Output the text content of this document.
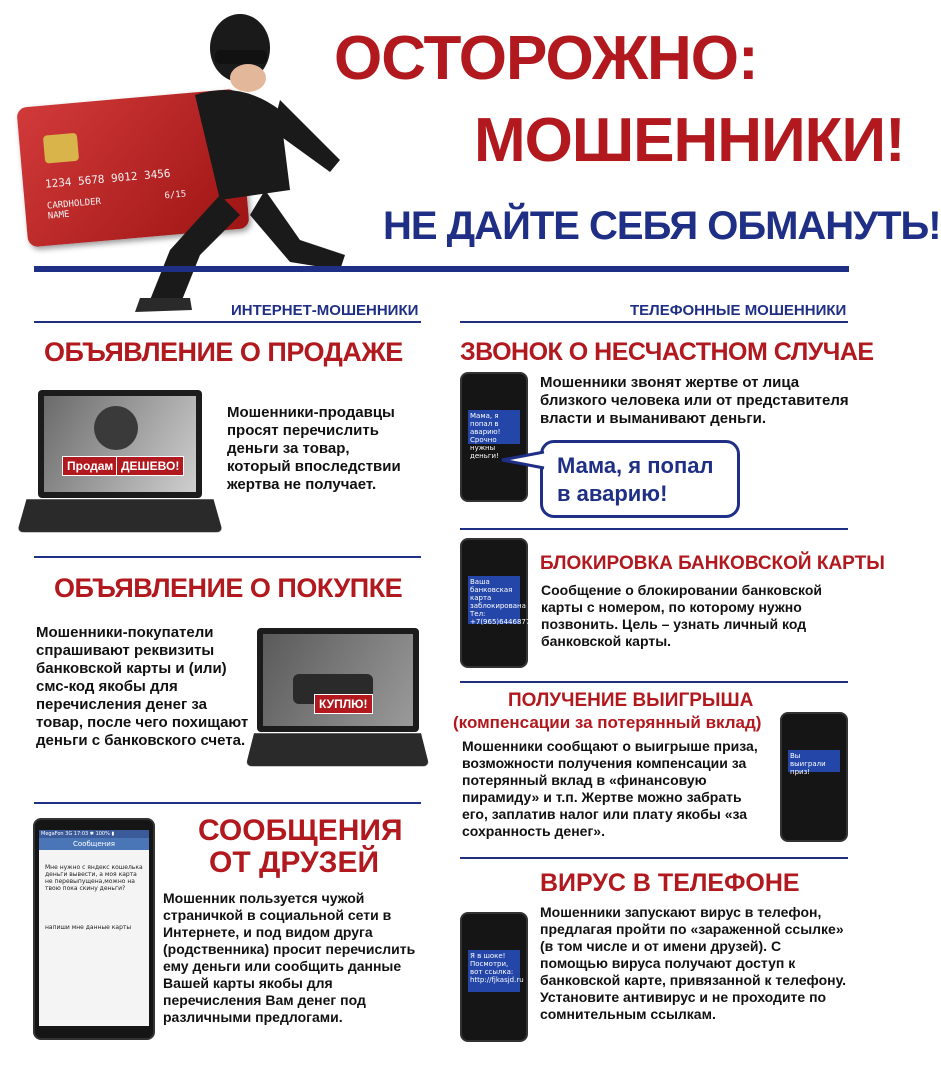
1234 5678 9012 3456
CARDHOLDER NAME
6/15
ОСТОРОЖНО:
МОШЕННИКИ!
НЕ ДАЙТЕ СЕБЯ ОБМАНУТЬ!
ИНТЕРНЕТ-МОШЕННИКИ
ОБЪЯВЛЕНИЕ О ПРОДАЖЕ
Продам ДЕШЕВО!
Мошенники-продавцы просят перечислить деньги за товар, который впоследствии жертва не получает.
ОБЪЯВЛЕНИЕ О ПОКУПКЕ
Мошенники-покупатели спрашивают реквизиты банковской карты и (или) смс-код якобы для перечисления денег за товар, после чего похищают деньги с банковского счета.
КУПЛЮ!
MegaFon 3G 17:03 ✱ 100% ▮
Сообщения
Мне нужно с яндекс кошелька деньги вывести, а моя карта не перевыпущена,можно на твою пока скину деньги?
напиши мне данные карты
СООБЩЕНИЯ
ОТ ДРУЗЕЙ
Мошенник пользуется чужой страничкой в социальной сети в Интернете, и под видом друга (родственника) просит перечислить ему деньги или сообщить данные Вашей карты якобы для перечисления Вам денег под различными предлогами.
ТЕЛЕФОННЫЕ МОШЕННИКИ
ЗВОНОК О НЕСЧАСТНОМ СЛУЧАЕ
Мама, я попал в аварию! Срочно нужны деньги!
Мошенники звонят жертве от лица близкого человека или от представителя власти и выманивают деньги.
Мама, я попал
в аварию!
Ваша банковская карта заблокирована Тел: +7(965)6446877
БЛОКИРОВКА БАНКОВСКОЙ КАРТЫ
Сообщение о блокировании банковской карты с номером, по которому нужно позвонить. Цель – узнать личный код банковской карты.
ПОЛУЧЕНИЕ ВЫИГРЫША
(компенсации за потерянный вклад)
Мошенники сообщают о выигрыше приза, возможности получения компенсации за потерянный вклад в «финансовую пирамиду» и т.п. Жертве можно забрать его, заплатив налог или плату якобы «за сохранность денег».
Вы выиграли приз!
ВИРУС В ТЕЛЕФОНЕ
Я в шоке! Посмотри, вот ссылка: http://fjkasjd.ru
Мошенники запускают вирус в телефон, предлагая пройти по «зараженной ссылке» (в том числе и от имени друзей). С помощью вируса получают доступ к банковской карте, привязанной к телефону. Установите антивирус и не проходите по сомнительным ссылкам.
